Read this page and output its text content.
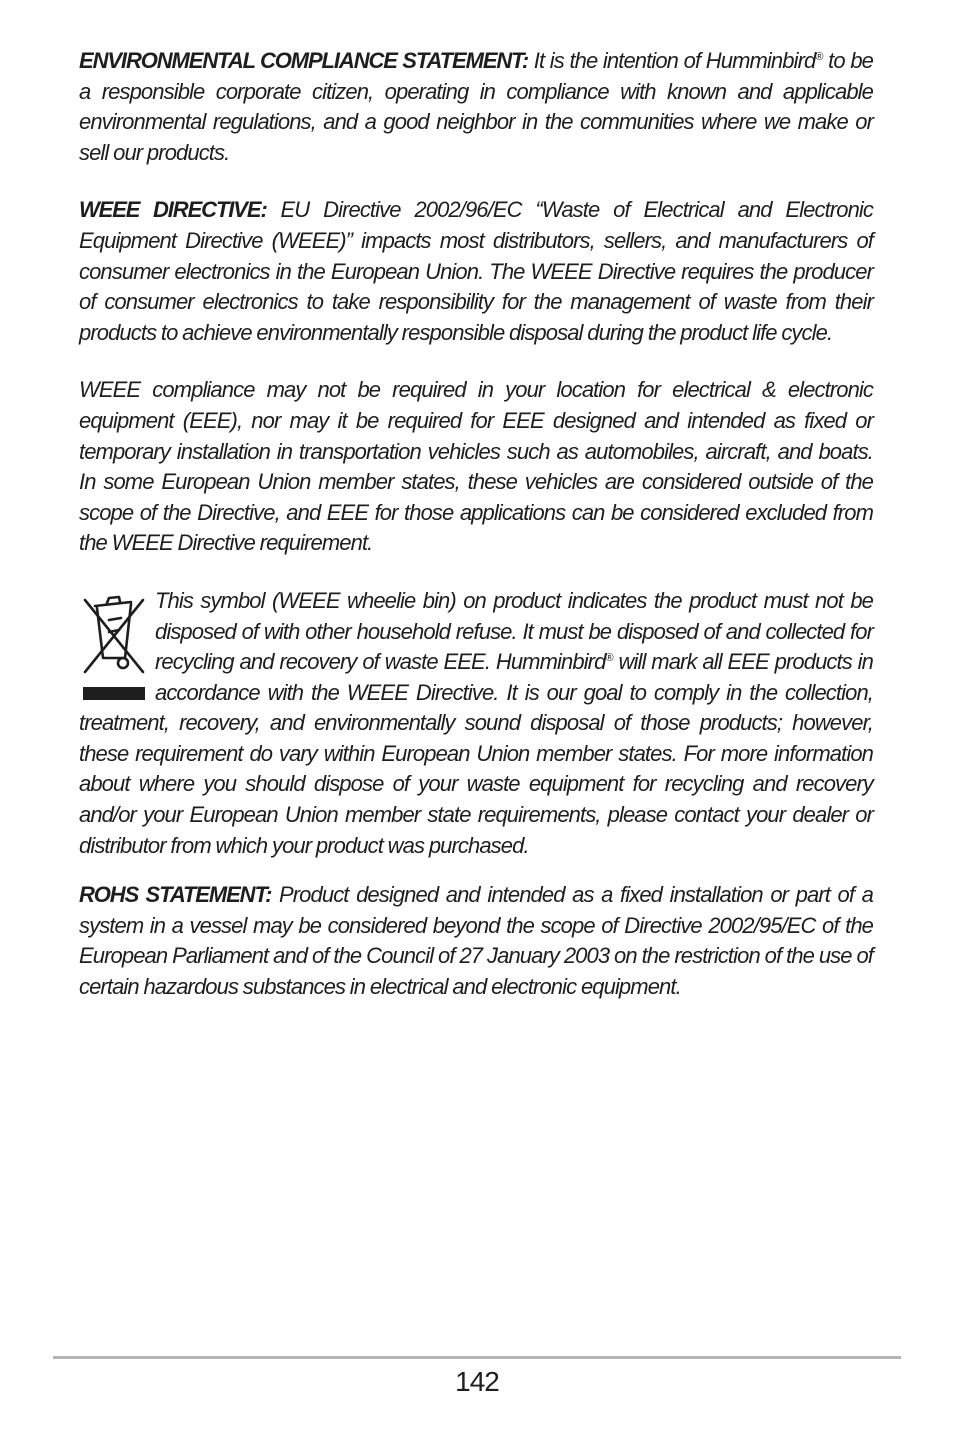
ENVIRONMENTAL COMPLIANCE STATEMENT: It is the intention of Humminbird® to be a responsible corporate citizen, operating in compliance with known and applicable environmental regulations, and a good neighbor in the communities where we make or sell our products.

WEEE DIRECTIVE: EU Directive 2002/96/EC “Waste of Electrical and Electronic Equipment Directive (WEEE)” impacts most distributors, sellers, and manufacturers of consumer electronics in the European Union. The WEEE Directive requires the producer of consumer electronics to take responsibility for the management of waste from their products to achieve environmentally responsible disposal during the product life cycle.

WEEE compliance may not be required in your location for electrical & electronic equipment (EEE), nor may it be required for EEE designed and intended as fixed or temporary installation in transportation vehicles such as automobiles, aircraft, and boats. In some European Union member states, these vehicles are considered outside of the scope of the Directive, and EEE for those applications can be considered excluded from the WEEE Directive requirement.

This symbol (WEEE wheelie bin) on product indicates the product must not be disposed of with other household refuse. It must be disposed of and collected for recycling and recovery of waste EEE. Humminbird® will mark all EEE products in accordance with the WEEE Directive. It is our goal to comply in the collection, treatment, recovery, and environmentally sound disposal of those products; however, these requirement do vary within European Union member states. For more information about where you should dispose of your waste equipment for recycling and recovery and/or your European Union member state requirements, please contact your dealer or distributor from which your product was purchased.

ROHS STATEMENT: Product designed and intended as a fixed installation or part of a system in a vessel may be considered beyond the scope of Directive 2002/95/EC of the European Parliament and of the Council of 27 January 2003 on the restriction of the use of certain hazardous substances in electrical and electronic equipment.

142
